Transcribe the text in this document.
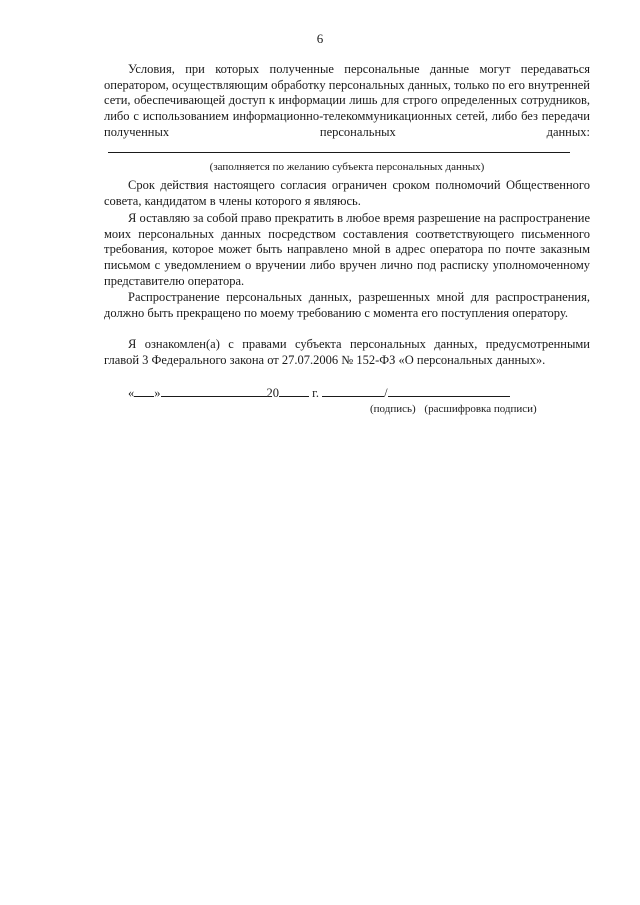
6
Условия, при которых полученные персональные данные могут передаваться оператором, осуществляющим обработку персональных данных, только по его внутренней сети, обеспечивающей доступ к информации лишь для строго определенных сотрудников, либо с использованием информационно-телекоммуникационных сетей, либо без передачи полученных персональных данных:
(заполняется по желанию субъекта персональных данных)
Срок действия настоящего согласия ограничен сроком полномочий Общественного совета, кандидатом в члены которого я являюсь.
Я оставляю за собой право прекратить в любое время разрешение на распространение моих персональных данных посредством составления соответствующего письменного требования, которое может быть направлено мной в адрес оператора по почте заказным письмом с уведомлением о вручении либо вручен лично под расписку уполномоченному представителю оператора.
Распространение персональных данных, разрешенных мной для распространения, должно быть прекращено по моему требованию с момента его поступления оператору.
Я ознакомлен(а) с правами субъекта персональных данных, предусмотренными главой 3 Федерального закона от 27.07.2006 № 152-ФЗ «О персональных данных».
« »	20	г.	/
(подпись) (расшифровка подписи)
